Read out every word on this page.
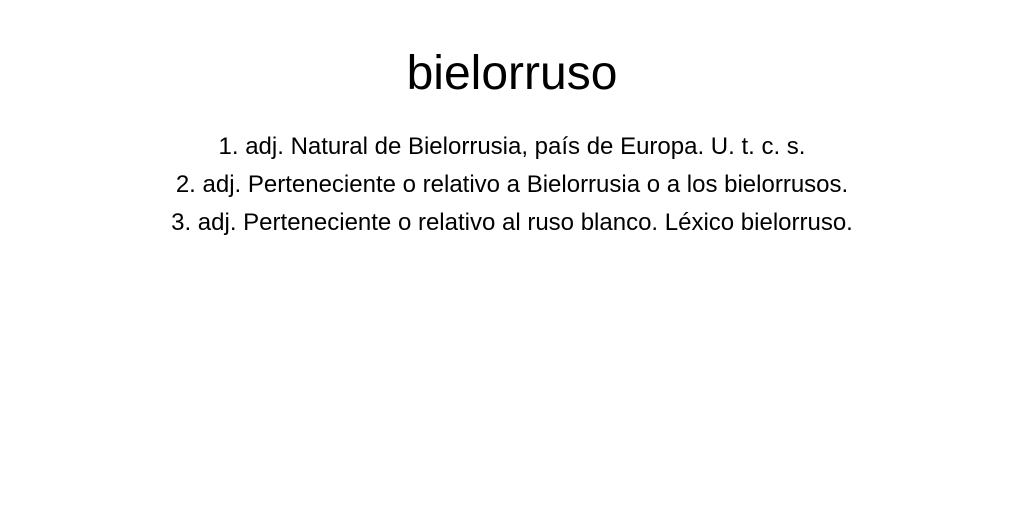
bielorruso
1. adj. Natural de Bielorrusia, país de Europa. U. t. c. s.
2. adj. Perteneciente o relativo a Bielorrusia o a los bielorrusos.
3. adj. Perteneciente o relativo al ruso blanco. Léxico bielorruso.
